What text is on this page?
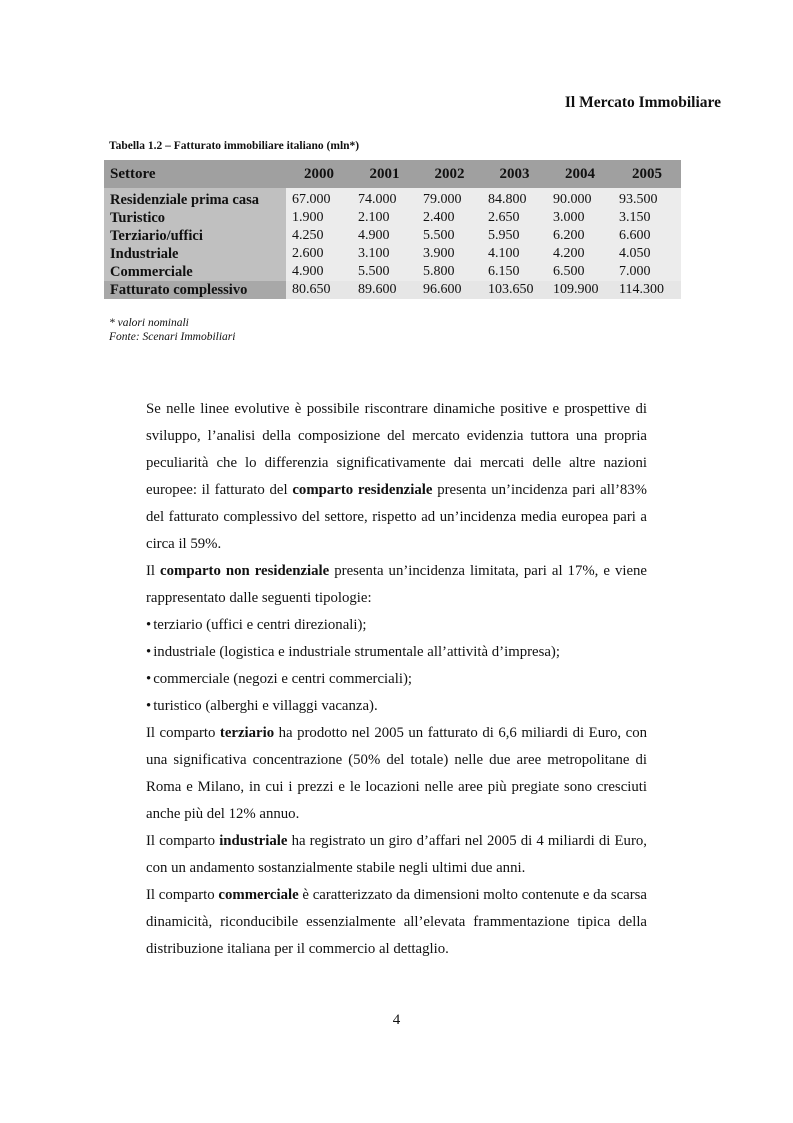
Il Mercato Immobiliare
Tabella 1.2 – Fatturato immobiliare italiano (mln*)
Settore	2000	2001	2002	2003	2004	2005
Residenziale prima casa	67.000	74.000	79.000	84.800	90.000	93.500
Turistico	1.900	2.100	2.400	2.650	3.000	3.150
Terziario/uffici	4.250	4.900	5.500	5.950	6.200	6.600
Industriale	2.600	3.100	3.900	4.100	4.200	4.050
Commerciale	4.900	5.500	5.800	6.150	6.500	7.000
Fatturato complessivo	80.650	89.600	96.600	103.650	109.900	114.300
* valori nominali
Fonte: Scenari Immobiliari

Se nelle linee evolutive è possibile riscontrare dinamiche positive e prospettive di sviluppo, l’analisi della composizione del mercato evidenzia tuttora una propria peculiarità che lo differenzia significativamente dai mercati delle altre nazioni europee: il fatturato del comparto residenziale presenta un’incidenza pari all’83% del fatturato complessivo del settore, rispetto ad un’incidenza media europea pari a circa il 59%.

Il comparto non residenziale presenta un’incidenza limitata, pari al 17%, e viene rappresentato dalle seguenti tipologie:

• terziario (uffici e centri direzionali);

• industriale (logistica e industriale strumentale all’attività d’impresa);

• commerciale (negozi e centri commerciali);

• turistico (alberghi e villaggi vacanza).

Il comparto terziario ha prodotto nel 2005 un fatturato di 6,6 miliardi di Euro, con una significativa concentrazione (50% del totale) nelle due aree metropolitane di Roma e Milano, in cui i prezzi e le locazioni nelle aree più pregiate sono cresciuti anche più del 12% annuo.

Il comparto industriale ha registrato un giro d’affari nel 2005 di 4 miliardi di Euro, con un andamento sostanzialmente stabile negli ultimi due anni.

Il comparto commerciale è caratterizzato da dimensioni molto contenute e da scarsa dinamicità, riconducibile essenzialmente all’elevata frammentazione tipica della distribuzione italiana per il commercio al dettaglio.

4
